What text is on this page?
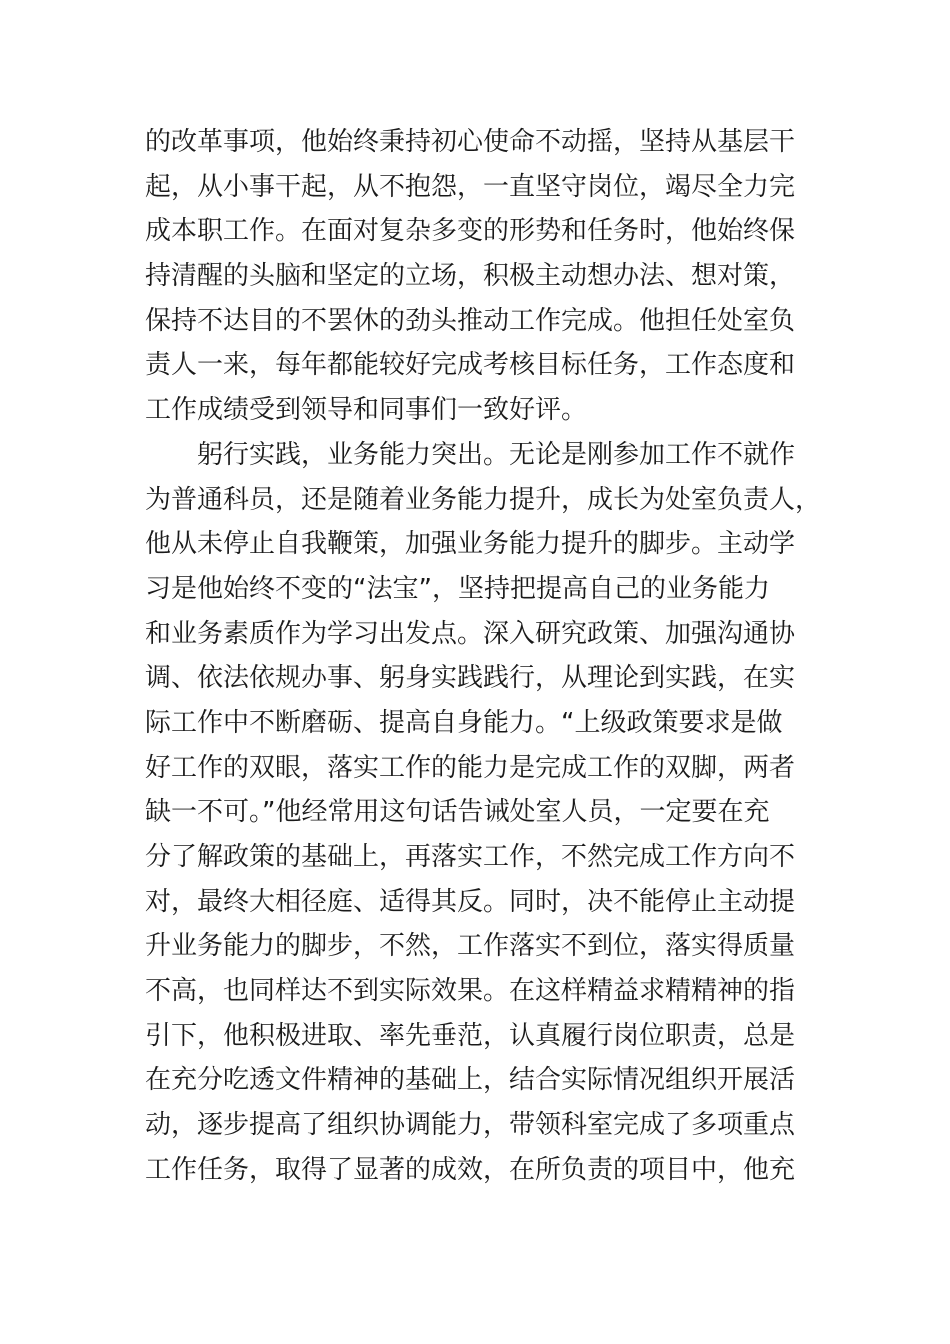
的改革事项，他始终秉持初心使命不动摇，坚持从基层干
起，从小事干起，从不抱怨，一直坚守岗位，竭尽全力完
成本职工作。在面对复杂多变的形势和任务时，他始终保
持清醒的头脑和坚定的立场，积极主动想办法、想对策，
保持不达目的不罢休的劲头推动工作完成。他担任处室负
责人一来，每年都能较好完成考核目标任务，工作态度和
工作成绩受到领导和同事们一致好评。
躬行实践，业务能力突出。无论是刚参加工作不就作
为普通科员，还是随着业务能力提升，成长为处室负责人，
他从未停止自我鞭策，加强业务能力提升的脚步。主动学
习是他始终不变的“法宝”，坚持把提高自己的业务能力
和业务素质作为学习出发点。深入研究政策、加强沟通协
调、依法依规办事、躬身实践践行，从理论到实践，在实
际工作中不断磨砺、提高自身能力。“上级政策要求是做
好工作的双眼，落实工作的能力是完成工作的双脚，两者
缺一不可。”他经常用这句话告诫处室人员，一定要在充
分了解政策的基础上，再落实工作，不然完成工作方向不
对，最终大相径庭、适得其反。同时，决不能停止主动提
升业务能力的脚步，不然，工作落实不到位，落实得质量
不高，也同样达不到实际效果。在这样精益求精精神的指
引下，他积极进取、率先垂范，认真履行岗位职责，总是
在充分吃透文件精神的基础上，结合实际情况组织开展活
动，逐步提高了组织协调能力，带领科室完成了多项重点
工作任务，取得了显著的成效，在所负责的项目中，他充
